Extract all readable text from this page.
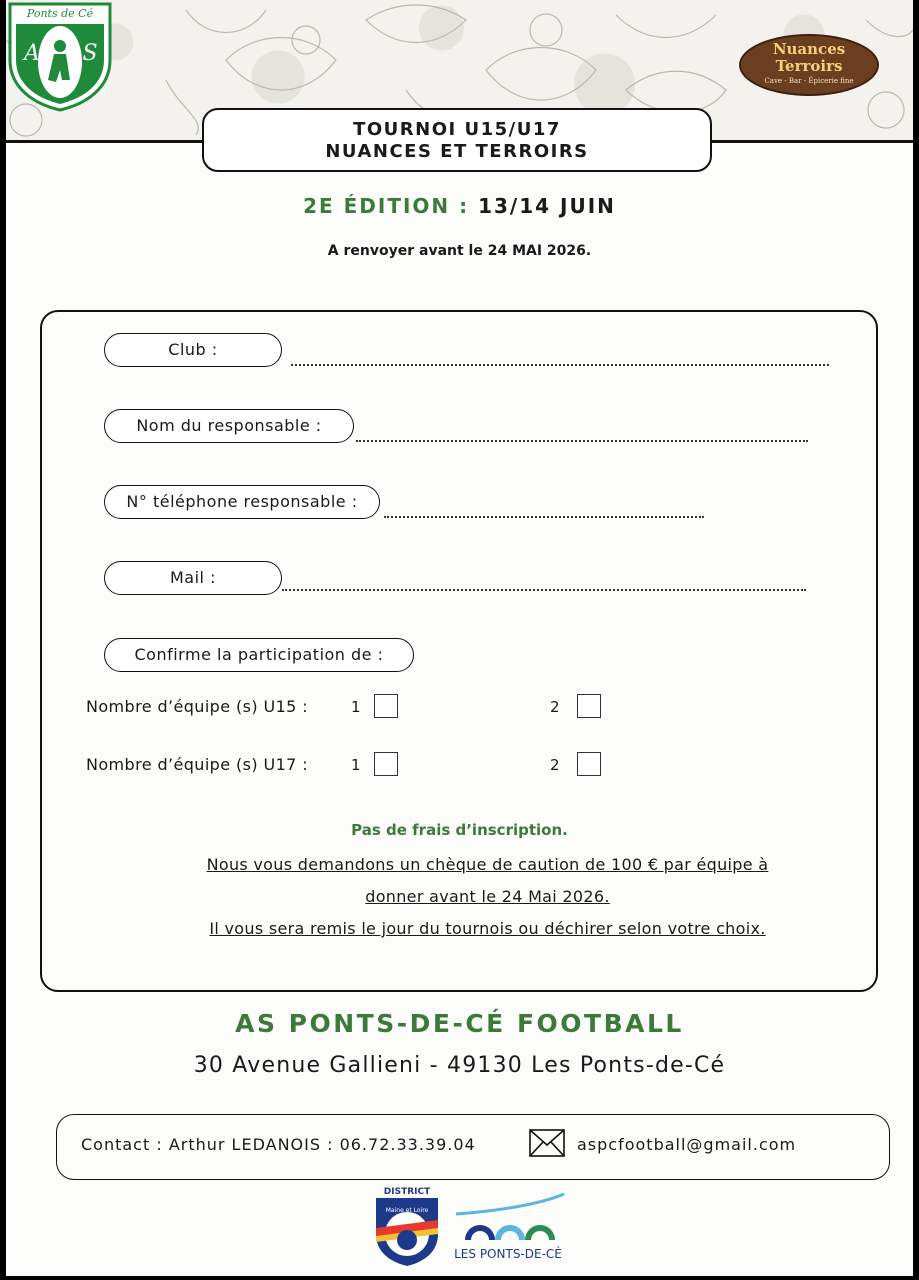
Ponts de Cé
A S	Nuances Terroirs
Cave - Bar - Épicerie fine
TOURNOI U15/U17
NUANCES ET TERROIRS
2E ÉDITION : 13/14 JUIN
A renvoyer avant le 24 MAI 2026.
Club :
Nom du responsable :
N° téléphone responsable :
Mail :
Confirme la participation de :
Nombre d’équipe (s) U15 :	1	2
Nombre d’équipe (s) U17 :	1	2
Pas de frais d’inscription.
Nous vous demandons un chèque de caution de 100 € par équipe à
donner avant le 24 Mai 2026.
Il vous sera remis le jour du tournois ou déchirer selon votre choix.
AS PONTS-DE-CÉ FOOTBALL
30 Avenue Gallieni - 49130 Les Ponts-de-Cé
Contact : Arthur LEDANOIS : 06.72.33.39.04	aspcfootball@gmail.com
DISTRICT
Maine et Loire
LES PONTS-DE-CÉ
